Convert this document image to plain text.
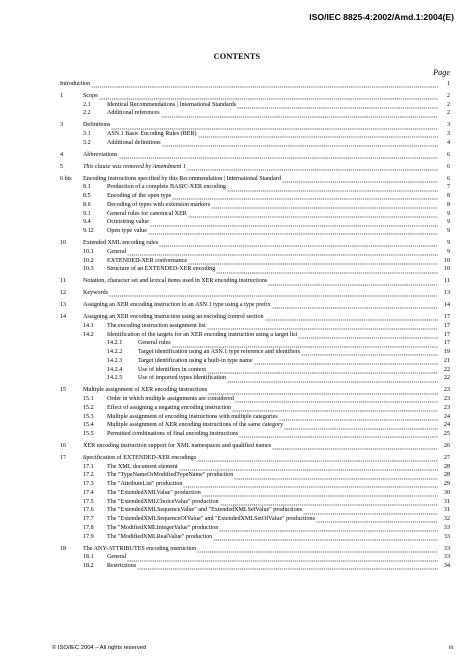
ISO/IEC 8825-4:2002/Amd.1:2004(E)
CONTENTS
Page
Introduction	1
1	Scope	2
2.1	Identical Recommendations | International Standards	2
2.2	Additional references	2
3	Definitions	3
3.1	ASN.1 Basic Encoding Rules (BER)	3
3.2	Additional definitions	4
4	Abbreviations	6
5	This clause was removed by Amendment 1	6
6 bis Encoding instructions specified by this Recommendation | International Standard	6
8.1	Production of a complete BASIC-XER encoding	7
8.5	Encoding of the open type	8
8.6	Decoding of types with extension markers	8
9.1	General rules for canonical XER	9
9.4	Octetstring value	9
9.12 Open type value	9
10	Extended XML encoding rules	9
10.1 General	9
10.2 EXTENDED-XER conformance	10
10.3 Structure of an EXTENDED-XER encoding	10
11	Notation, character set and lexical items used in XER encoding instructions	11
12	Keywords	13
13	Assigning an XER encoding instruction to an ASN.1 type using a type prefix	14
14	Assigning an XER encoding instruction using an encoding control section	17
14.1 The encoding instruction assignment list	17
14.2 Identification of the targets for an XER encoding instruction using a target list	17
14.2.1	General rules	17
14.2.2	Target identification using an ASN.1 type reference and identifiers	19
14.2.3	Target identification using a built-in type name	21
14.2.4	Use of identifiers in context	22
14.2.5	Use of imported types identification	22
15	Multiple assignment of XER encoding instructions	23
15.1 Order in which multiple assignments are considered	23
15.2 Effect of assigning a negating encoding instruction	23
15.3 Multiple assignment of encoding instructions with multiple categories	24
15.4 Multiple assignment of XER encoding instructions of the same category	24
15.5 Permitted combinations of final encoding instructions	25
16	XER encoding instruction support for XML namespaces and qualified names	26
17	Specification of EXTENDED-XER encodings	27
17.1 The XML document element	28
17.2 The "TypeNameOrModifiedTypeName" production	28
17.3 The "AttributeList" production	29
17.4 The "ExtendedXMLValue" production	30
17.5 The "ExtendedXMLChoiceValue" production	31
17.6 The "ExtendedXMLSequenceValue" and "ExtendedXMLSetValue" productions	31
17.7 The "ExtendedXMLSequenceOfValue" and "ExtendedXMLSetOfValue" productions	32
17.8 The "ModifiedXMLIntegerValue" production	33
17.9 The "ModifiedXMLRealValue" production	33
18	The ANY-ATTRIBUTES encoding instruction	33
18.1 General	33
18.2 Restrictions	34
© ISO/IEC 2004 – All rights reserved	iii
